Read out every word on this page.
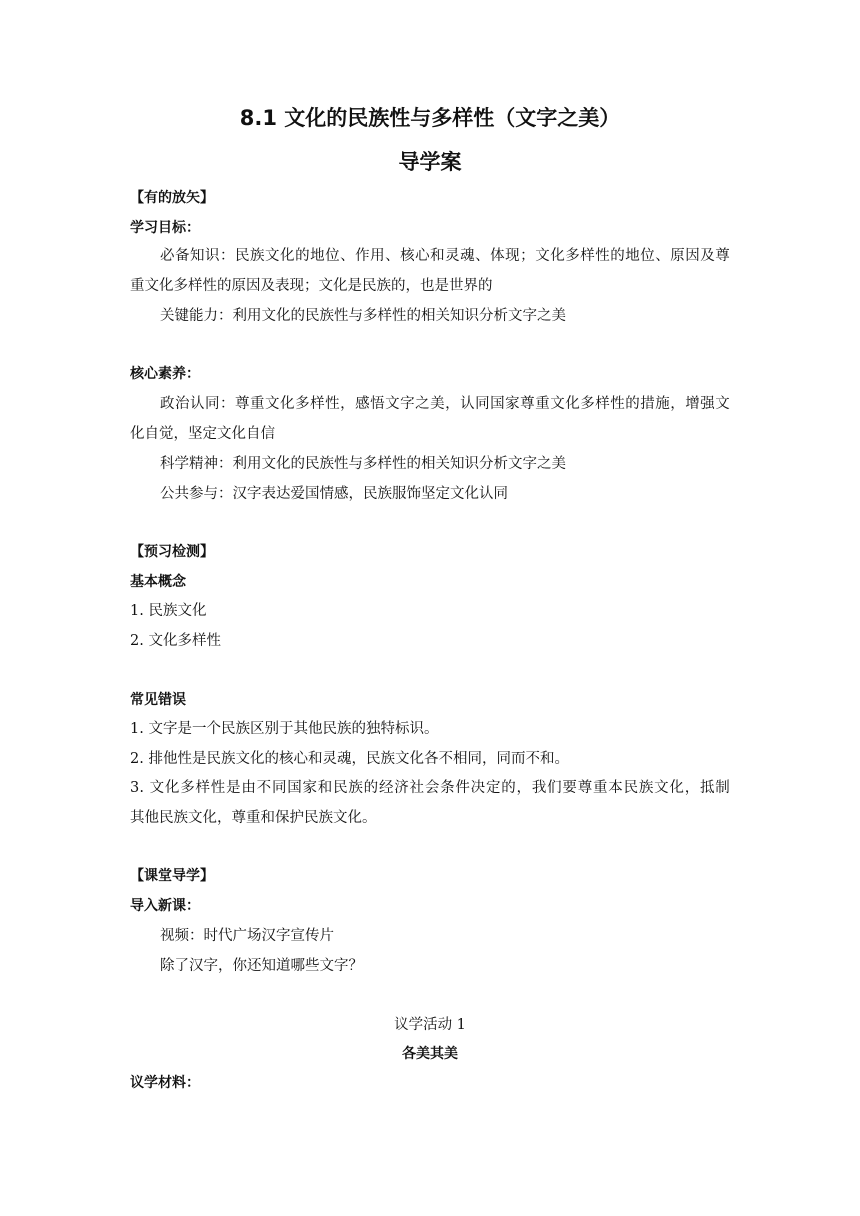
8.1 文化的民族性与多样性（文字之美）
导学案
【有的放矢】
学习目标：
必备知识：民族文化的地位、作用、核心和灵魂、体现；文化多样性的地位、原因及尊
重文化多样性的原因及表现；文化是民族的，也是世界的
关键能力：利用文化的民族性与多样性的相关知识分析文字之美
核心素养：
政治认同：尊重文化多样性，感悟文字之美，认同国家尊重文化多样性的措施，增强文
化自觉，坚定文化自信
科学精神：利用文化的民族性与多样性的相关知识分析文字之美
公共参与：汉字表达爱国情感，民族服饰坚定文化认同
【预习检测】
基本概念
1. 民族文化
2. 文化多样性
常见错误
1. 文字是一个民族区别于其他民族的独特标识。
2. 排他性是民族文化的核心和灵魂，民族文化各不相同，同而不和。
3. 文化多样性是由不同国家和民族的经济社会条件决定的，我们要尊重本民族文化，抵制
其他民族文化，尊重和保护民族文化。
【课堂导学】
导入新课：
视频：时代广场汉字宣传片
除了汉字，你还知道哪些文字？
议学活动 1
各美其美
议学材料：
